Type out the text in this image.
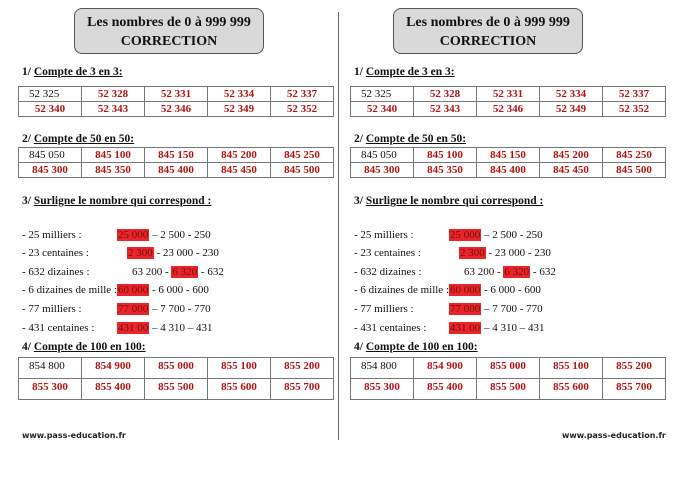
Les nombres de 0 à 999 999
CORRECTION
1/ Compte de 3 en 3:
52 325	52 328	52 331	52 334	52 337
52 340	52 343	52 346	52 349	52 352
2/ Compte de 50 en 50:
845 050	845 100	845 150	845 200	845 250
845 300	845 350	845 400	845 450	845 500
3/ Surligne le nombre qui correspond :
- 25 milliers :	25 000 – 2 500 - 250
- 23 centaines :	2 300 - 23 000 - 230
- 632 dizaines :	63 200 - 6 320 - 632
- 6 dizaines de mille : 60 000 - 6 000 - 600
- 77 milliers :	77 000 – 7 700 - 770
- 431 centaines : 431 00 – 4 310 – 431
4/ Compte de 100 en 100:
854 800	854 900	855 000	855 100	855 200
855 300	855 400	855 500	855 600	855 700
www.pass-education.fr
Les nombres de 0 à 999 999
CORRECTION
1/ Compte de 3 en 3:
52 325	52 328	52 331	52 334	52 337
52 340	52 343	52 346	52 349	52 352
2/ Compte de 50 en 50:
845 050	845 100	845 150	845 200	845 250
845 300	845 350	845 400	845 450	845 500
3/ Surligne le nombre qui correspond :
- 25 milliers :	25 000 – 2 500 - 250
- 23 centaines :	2 300 - 23 000 - 230
- 632 dizaines :	63 200 - 6 320 - 632
- 6 dizaines de mille : 60 000 - 6 000 - 600
- 77 milliers :	77 000 – 7 700 - 770
- 431 centaines : 431 00 – 4 310 – 431
4/ Compte de 100 en 100:
854 800	854 900	855 000	855 100	855 200
855 300	855 400	855 500	855 600	855 700
www.pass-education.fr
